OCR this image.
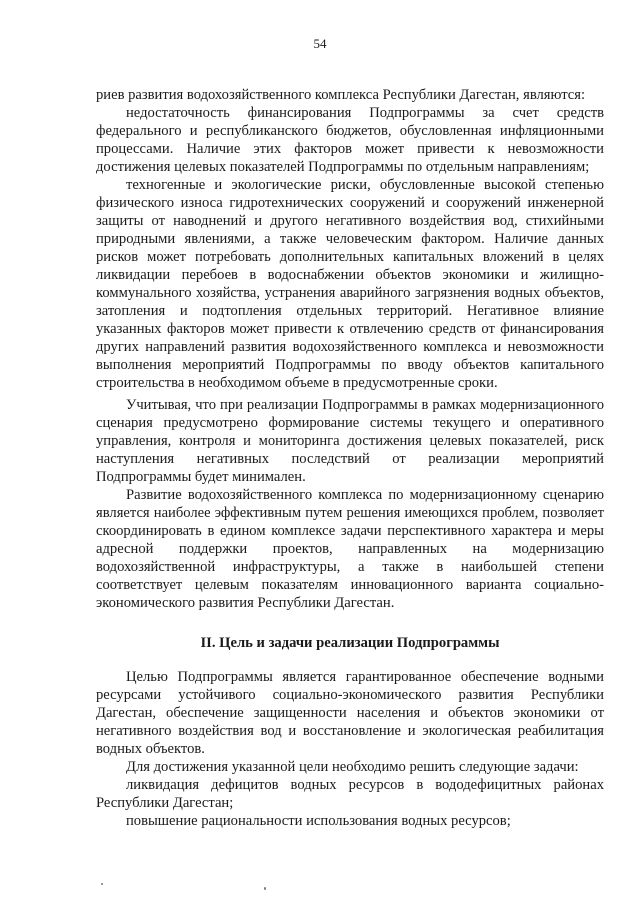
54

риев развития водохозяйственного комплекса Республики Дагестан, являются:

недостаточность финансирования Подпрограммы за счет средств федерального и республиканского бюджетов, обусловленная инфляционными процессами. Наличие этих факторов может привести к невозможности достижения целевых показателей Подпрограммы по отдельным направлениям;

техногенные и экологические риски, обусловленные высокой степенью физического износа гидротехнических сооружений и сооружений инженерной защиты от наводнений и другого негативного воздействия вод, стихийными природными явлениями, а также человеческим фактором. Наличие данных рисков может потребовать дополнительных капитальных вложений в целях ликвидации перебоев в водоснабжении объектов экономики и жилищно-коммунального хозяйства, устранения аварийного загрязнения водных объектов, затопления и подтопления отдельных территорий. Негативное влияние указанных факторов может привести к отвлечению средств от финансирования других направлений развития водохозяйственного комплекса и невозможности выполнения мероприятий Подпрограммы по вводу объектов капитального строительства в необходимом объеме в предусмотренные сроки.

Учитывая, что при реализации Подпрограммы в рамках модернизационного сценария предусмотрено формирование системы текущего и оперативного управления, контроля и мониторинга достижения целевых показателей, риск наступления негативных последствий от реализации мероприятий Подпрограммы будет минимален.

Развитие водохозяйственного комплекса по модернизационному сценарию является наиболее эффективным путем решения имеющихся проблем, позволяет скоординировать в едином комплексе задачи перспективного характера и меры адресной поддержки проектов, направленных на модернизацию водохозяйственной инфраструктуры, а также в наибольшей степени соответствует целевым показателям инновационного варианта социально-экономического развития Республики Дагестан.

II. Цель и задачи реализации Подпрограммы

Целью Подпрограммы является гарантированное обеспечение водными ресурсами устойчивого социально-экономического развития Республики Дагестан, обеспечение защищенности населения и объектов экономики от негативного воздействия вод и восстановление и экологическая реабилитация водных объектов.

Для достижения указанной цели необходимо решить следующие задачи:

ликвидация дефицитов водных ресурсов в вододефицитных районах Республики Дагестан;

повышение рациональности использования водных ресурсов;
